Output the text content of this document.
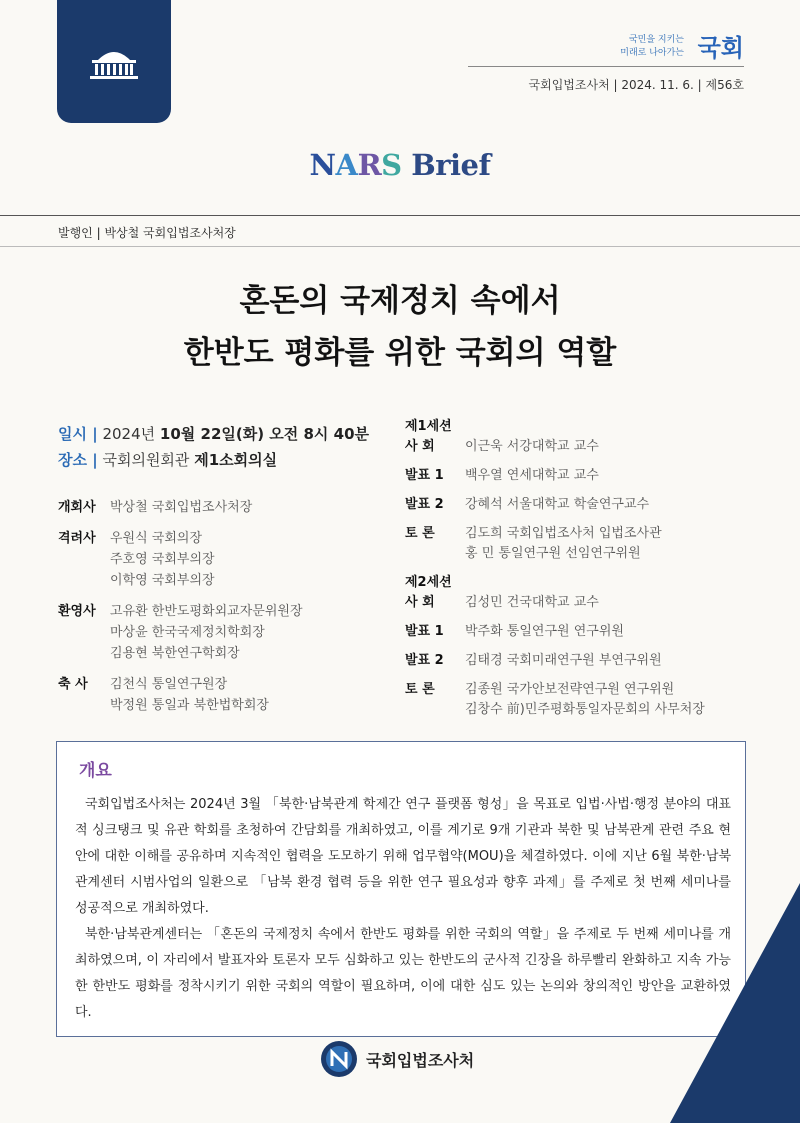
국민을 지키는
미래로 나아가는 국회
국회입법조사처 | 2024. 11. 6. | 제56호
NARS Brief
발행인 | 박상철 국회입법조사처장
혼돈의 국제정치 속에서
한반도 평화를 위한 국회의 역할
일시 | 2024년 10월 22일(화) 오전 8시 40분
장소 | 국회의원회관 제1소회의실
개회사	박상철 국회입법조사처장
격려사	우원식 국회의장
주호영 국회부의장
이학영 국회부의장
환영사	고유환 한반도평화외교자문위원장
마상윤 한국국제정치학회장
김용현 북한연구학회장
축 사	김천식 통일연구원장
박정원 통일과 북한법학회장
제1세션
사 회	이근욱 서강대학교 교수
발표 1	백우열 연세대학교 교수
발표 2	강혜석 서울대학교 학술연구교수
토 론	김도희 국회입법조사처 입법조사관
홍 민 통일연구원 선임연구위원
제2세션
사 회	김성민 건국대학교 교수
발표 1	박주화 통일연구원 연구위원
발표 2	김태경 국회미래연구원 부연구위원
토 론	김종원 국가안보전략연구원 연구위원
김창수 前)민주평화통일자문회의 사무처장
개요

국회입법조사처는 2024년 3월 「북한·남북관계 학제간 연구 플랫폼 형성」을 목표로 입법·사법·행정 분야의 대표적 싱크탱크 및 유관 학회를 초청하여 간담회를 개최하였고, 이를 계기로 9개 기관과 북한 및 남북관계 관련 주요 현안에 대한 이해를 공유하며 지속적인 협력을 도모하기 위해 업무협약(MOU)을 체결하였다. 이에 지난 6월 북한·남북관계센터 시범사업의 일환으로 「남북 환경 협력 등을 위한 연구 필요성과 향후 과제」를 주제로 첫 번째 세미나를 성공적으로 개최하였다.

북한·남북관계센터는 「혼돈의 국제정치 속에서 한반도 평화를 위한 국회의 역할」을 주제로 두 번째 세미나를 개최하였으며, 이 자리에서 발표자와 토론자 모두 심화하고 있는 한반도의 군사적 긴장을 하루빨리 완화하고 지속 가능한 한반도 평화를 정착시키기 위한 국회의 역할이 필요하며, 이에 대한 심도 있는 논의와 창의적인 방안을 교환하였다.

국회입법조사처
